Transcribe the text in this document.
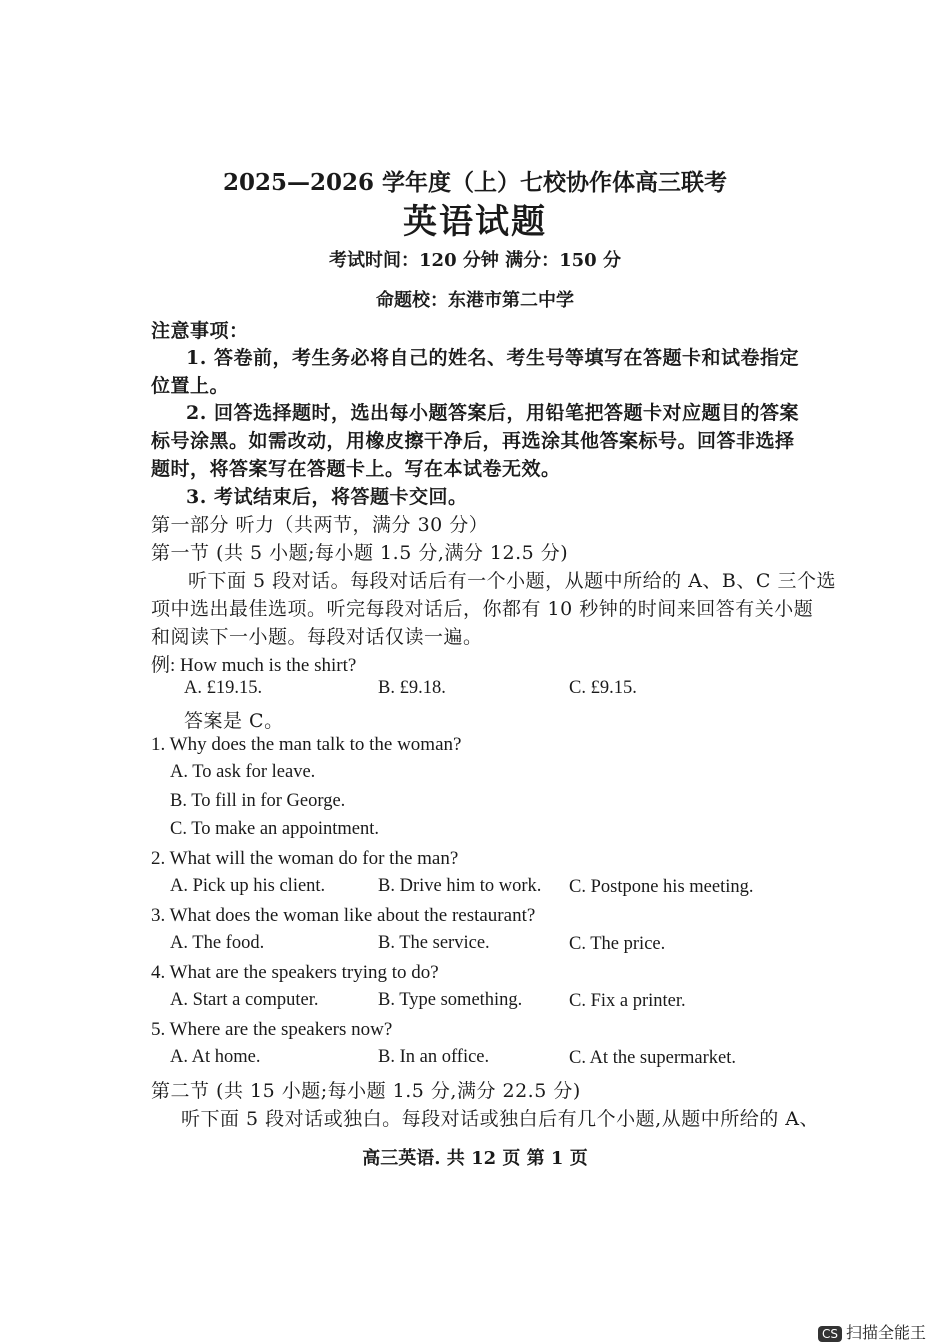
2025—2026 学年度（上）七校协作体高三联考
英语试题
考试时间：120 分钟 满分：150 分
命题校：东港市第二中学
注意事项：
1. 答卷前，考生务必将自己的姓名、考生号等填写在答题卡和试卷指定
位置上。
2. 回答选择题时，选出每小题答案后，用铅笔把答题卡对应题目的答案
标号涂黑。如需改动，用橡皮擦干净后，再选涂其他答案标号。回答非选择
题时，将答案写在答题卡上。写在本试卷无效。
3. 考试结束后，将答题卡交回。
第一部分 听力（共两节，满分 30 分）
第一节 (共 5 小题;每小题 1.5 分,满分 12.5 分)
听下面 5 段对话。每段对话后有一个小题，从题中所给的 A、B、C 三个选
项中选出最佳选项。听完每段对话后，你都有 10 秒钟的时间来回答有关小题
和阅读下一小题。每段对话仅读一遍。
例: How much is the shirt?
A. £19.15.	B. £9.18.	C. £9.15.
答案是 C。
1. Why does the man talk to the woman?
A. To ask for leave.
B. To fill in for George.
C. To make an appointment.
2. What will the woman do for the man?
A. Pick up his client.	B. Drive him to work. C. Postpone his meeting.
3. What does the woman like about the restaurant?
A. The food.	B. The service.	C. The price.
4. What are the speakers trying to do?
A. Start a computer.	B. Type something.	C. Fix a printer.
5. Where are the speakers now?
A. At home.	B. In an office.	C. At the supermarket.
第二节 (共 15 小题;每小题 1.5 分,满分 22.5 分)
听下面 5 段对话或独白。每段对话或独白后有几个小题,从题中所给的 A、
高三英语. 共 12 页 第 1 页
CS 扫描全能王
